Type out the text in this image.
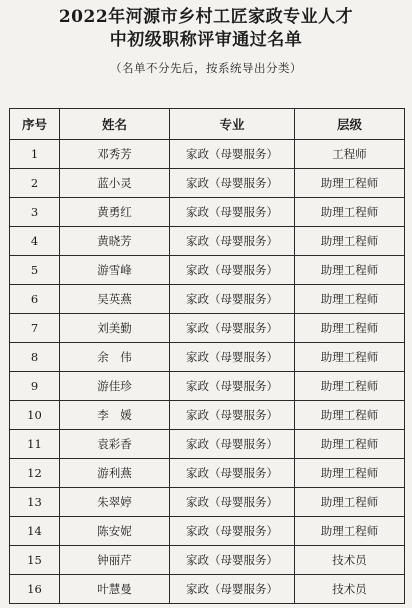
2022年河源市乡村工匠家政专业人才
中初级职称评审通过名单
（名单不分先后，按系统导出分类）
序号	姓名	专业	层级
1	邓秀芳	家政（母婴服务）	工程师
2	蓝小灵	家政（母婴服务）	助理工程师
3	黄勇红	家政（母婴服务）	助理工程师
4	黄晓芳	家政（母婴服务）	助理工程师
5	游雪峰	家政（母婴服务）	助理工程师
6	吴英燕	家政（母婴服务）	助理工程师
7	刘美勤	家政（母婴服务）	助理工程师
8	余　伟	家政（母婴服务）	助理工程师
9	游佳珍	家政（母婴服务）	助理工程师
10	李　媛	家政（母婴服务）	助理工程师
11	袁彩香	家政（母婴服务）	助理工程师
12	游利燕	家政（母婴服务）	助理工程师
13	朱翠婷	家政（母婴服务）	助理工程师
14	陈安妮	家政（母婴服务）	助理工程师
15	钟丽芹	家政（母婴服务）	技术员
16	叶慧曼	家政（母婴服务）	技术员
